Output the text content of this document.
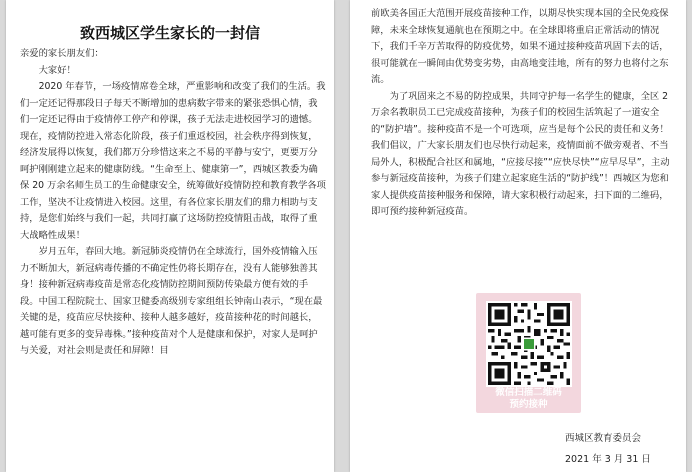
致西城区学生家长的一封信

亲爱的家长朋友们：

大家好！

2020 年春节，一场疫情席卷全球，严重影响和改变了我们的生活。我们一定还记得那段日子每天不断增加的患病数字带来的紧张恐惧心情，我们一定还记得由于疫情停工停产和停课，孩子无法走进校园学习的遗憾。现在，疫情防控进入常态化阶段，孩子们重返校园，社会秩序得到恢复，经济发展得以恢复，我们都万分珍惜这来之不易的平静与安宁，更要万分呵护刚刚建立起来的健康防线。“生命至上、健康第一”，西城区教委为确保 20 万余名师生员工的生命健康安全，统筹做好疫情防控和教育教学各项工作，坚决不让疫情进入校园。这里，有各位家长朋友们的鼎力相助与支持，是您们始终与我们一起，共同打赢了这场防控疫情阻击战，取得了重大战略性成果！

岁月五年，春回大地。新冠肺炎疫情仍在全球流行，国外疫情输入压力不断加大，新冠病毒传播的不确定性仍将长期存在，没有人能够独善其身！接种新冠病毒疫苗是常态化疫情防控期间预防传染最方便有效的手段。中国工程院院士、国家卫健委高级别专家组组长钟南山表示，“现在最关键的是，疫苗应尽快接种、接种人越多越好，疫苗接种花的时间越长，越可能有更多的变异毒株。”接种疫苗对个人是健康和保护，对家人是呵护与关爱，对社会则是责任和屏障！目

前欧美各国正大范围开展疫苗接种工作，以期尽快实现本国的全民免疫保障，未来全球恢复通航也在预期之中。在全球即将重启正常活动的情况下，我们千辛万苦取得的防疫优势，如果不通过接种疫苗巩固下去的话，很可能就在一瞬间由优势变劣势，由高地变洼地，所有的努力也将付之东流。

为了巩固来之不易的防控成果，共同守护每一名学生的健康，全区 2 万余名教职员工已完成疫苗接种，为孩子们的校园生活筑起了一道安全的“防护墙”。接种疫苗不是一个可选项，应当是每个公民的责任和义务！我们倡议，广大家长朋友们也尽快行动起来，疫情面前不做旁观者、不当局外人，积极配合社区和属地，“应接尽接”“应快尽快”“应早尽早”，主动参与新冠疫苗接种，为孩子们建立起家庭生活的“防护线”！西城区为您和家人提供疫苗接种服务和保障，请大家积极行动起来，扫下面的二维码，即可预约接种新冠疫苗。

微信扫描二维码
预约接种
西城区教育委员会
2021 年 3 月 31 日
